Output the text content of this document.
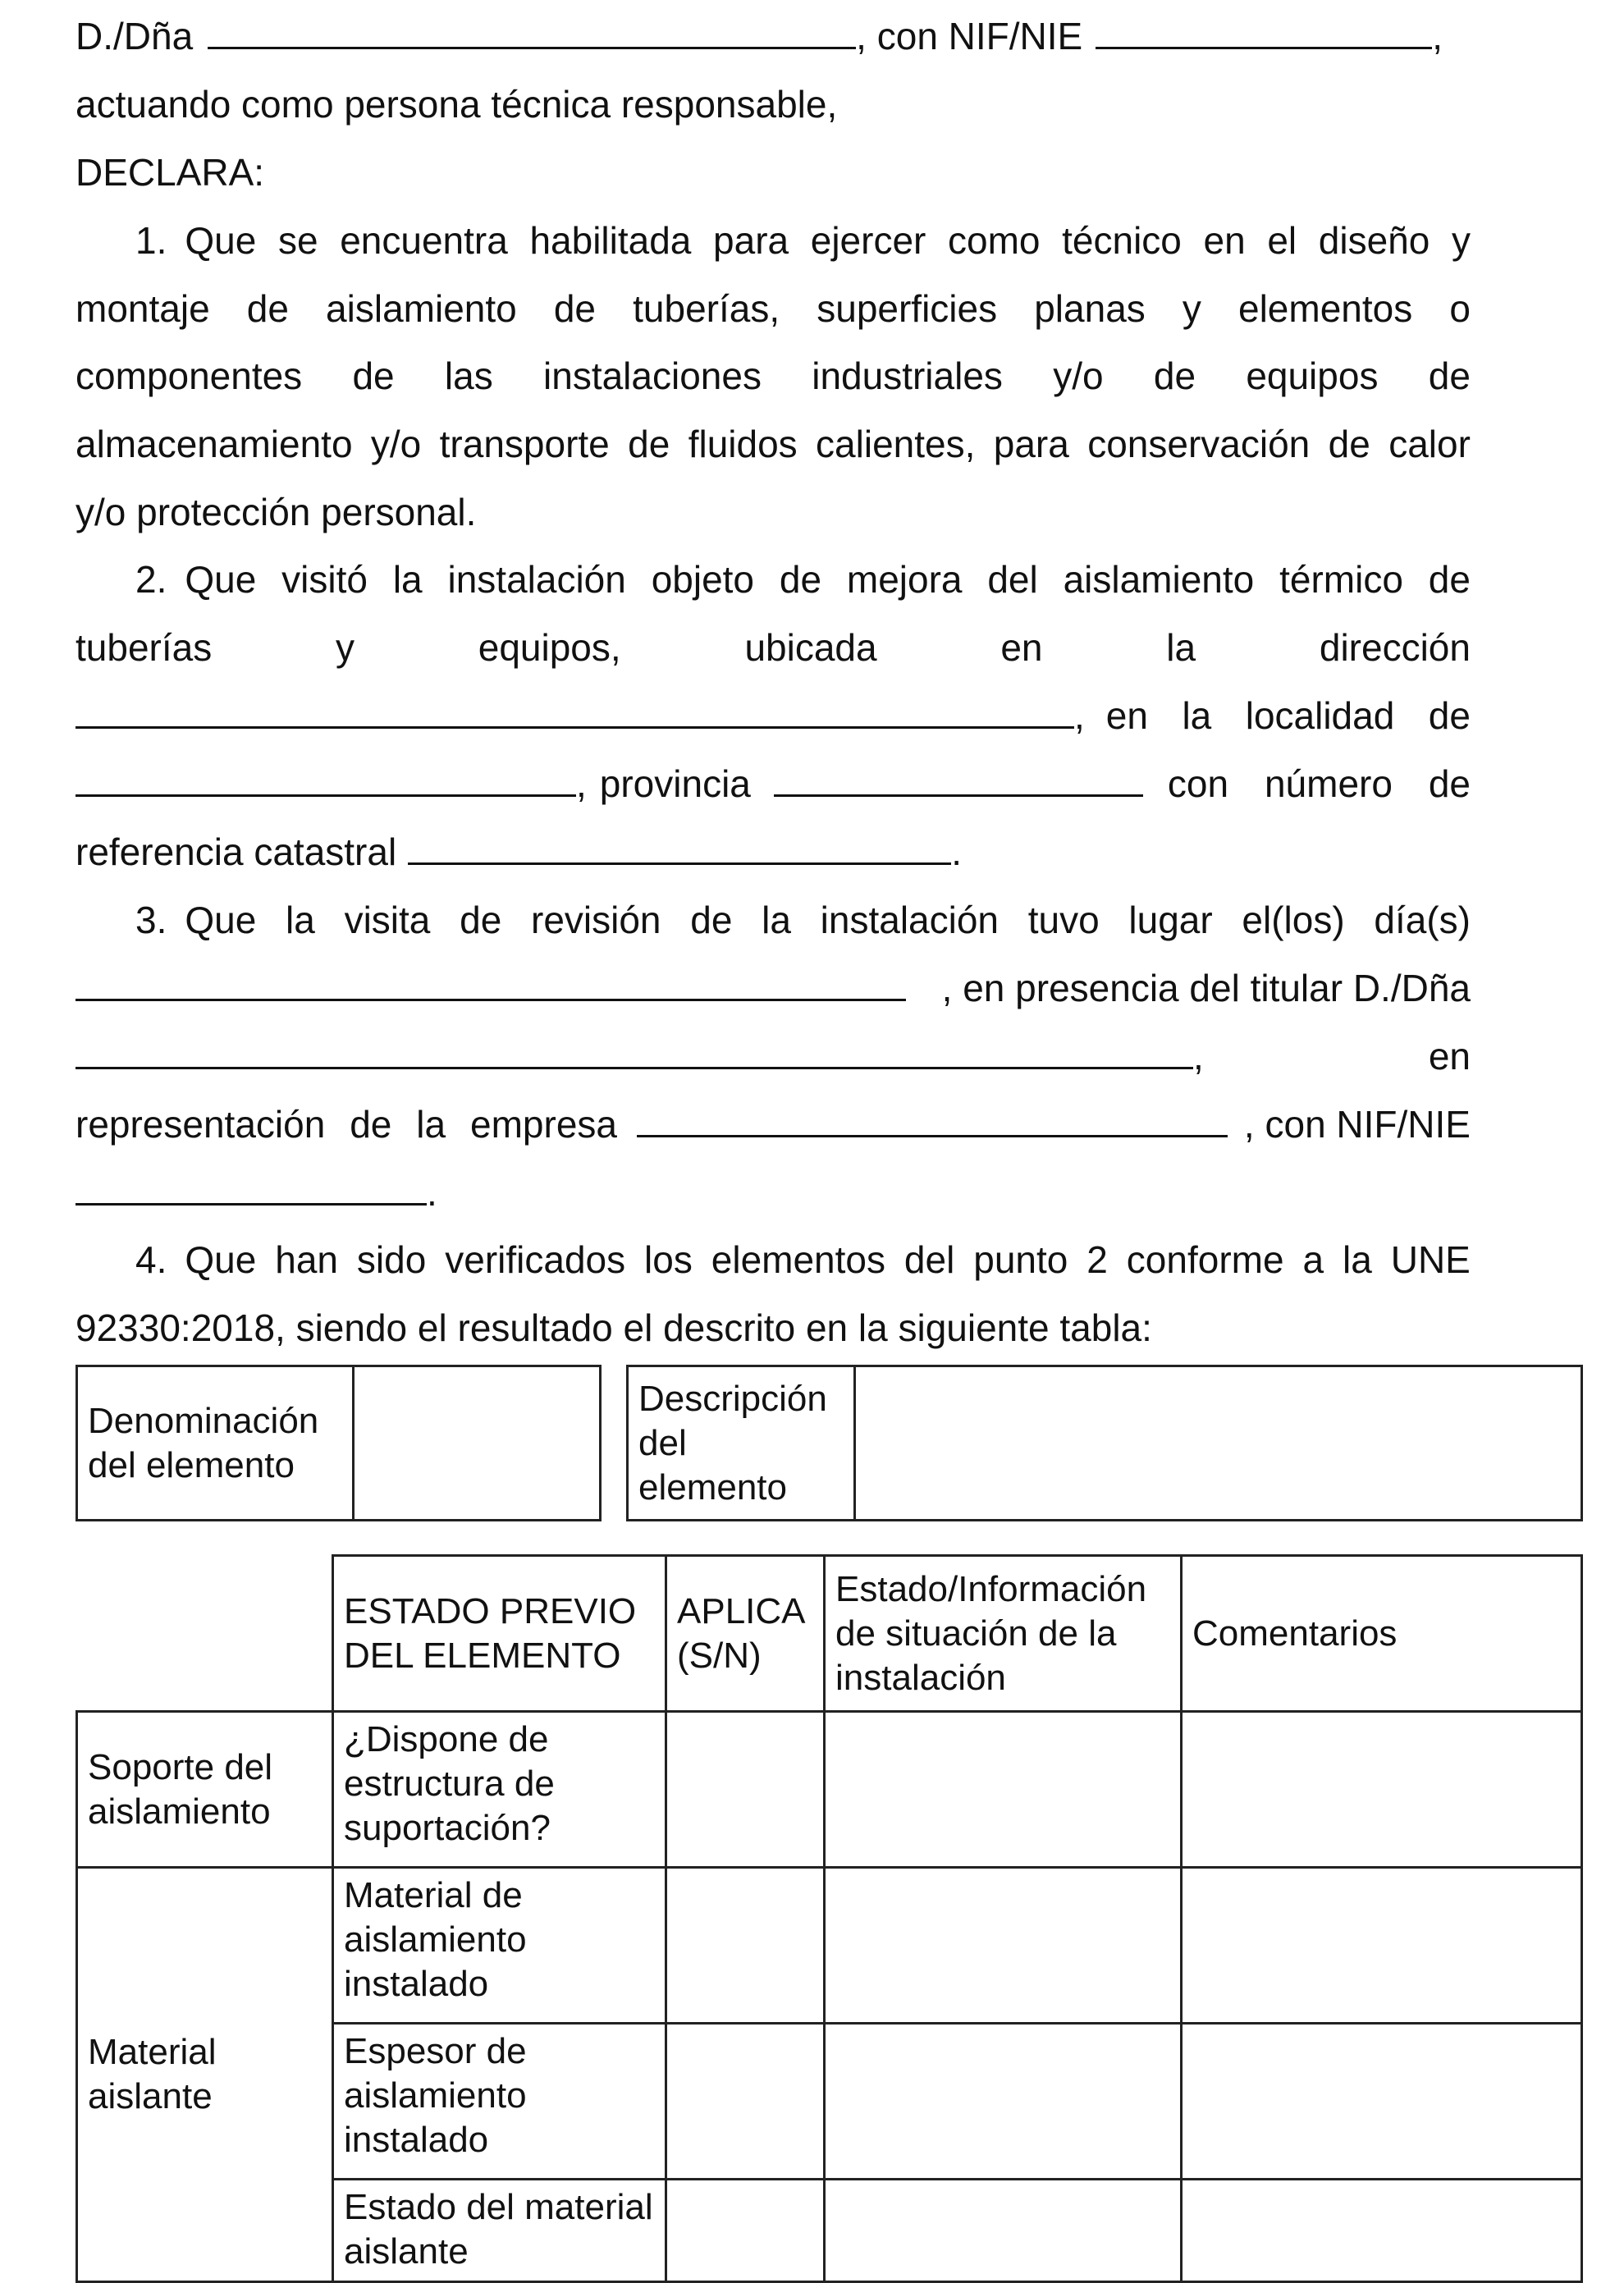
D./Dña	, con NIF/NIE	,
actuando como persona técnica responsable,
DECLARA:
1. Que se encuentra habilitada para ejercer como técnico en el diseño y
montaje de aislamiento de tuberías, superficies planas y elementos o
componentes de las instalaciones industriales y/o de equipos de
almacenamiento y/o transporte de fluidos calientes, para conservación de calor
y/o protección personal.
2. Que visitó la instalación objeto de mejora del aislamiento térmico de
tuberías	y	equipos,	ubicada	en	la	dirección
, en la localidad de
, provincia	con número de
referencia catastral	.
3. Que la visita de revisión de la instalación tuvo lugar el(los) día(s)
, en presencia del titular D./Dña
,	en
representación de la empresa	, con NIF/NIE
.
4. Que han sido verificados los elementos del punto 2 conforme a la UNE
92330:2018, siendo el resultado el descrito en la siguiente tabla:
Denominación del elemento	
Descripción del elemento	
	ESTADO PREVIO DEL ELEMENTO	APLICA (S/N)	Estado/Información de situación de la instalación	Comentarios
Soporte del aislamiento	¿Dispone de estructura de suportación?			
Material aislante	Material de aislamiento instalado			
	Espesor de aislamiento instalado			
	Estado del material aislante			
